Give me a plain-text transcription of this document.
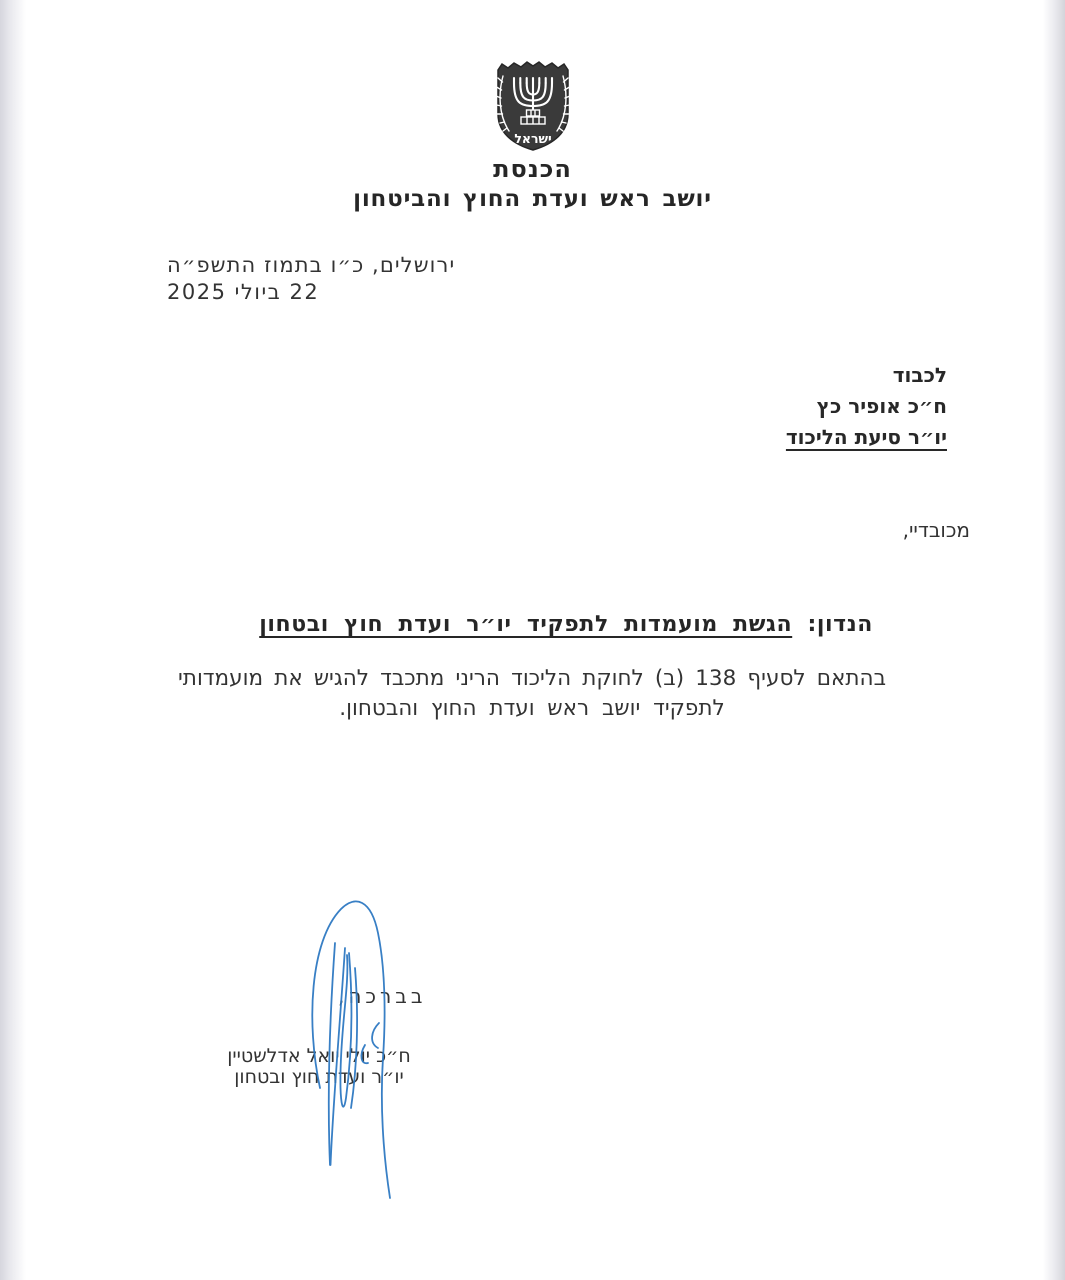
ישראל
הכנסת
יושב ראש ועדת החוץ והביטחון
ירושלים, כ״ו בתמוז התשפ״ה
22 ביולי 2025
לכבוד
ח״כ אופיר כץ
יו״ר סיעת הליכוד
מכובדיי,
הנדון: הגשת מועמדות לתפקיד יו״ר ועדת חוץ ובטחון
בהתאם לסעיף 138 (ב) לחוקת הליכוד הריני מתכבד להגיש את מועמדותי
לתפקיד יושב ראש ועדת החוץ והבטחון.
בברכה,
ח״כ יולי יואל אדלשטיין
יו״ר ועדת חוץ ובטחון
